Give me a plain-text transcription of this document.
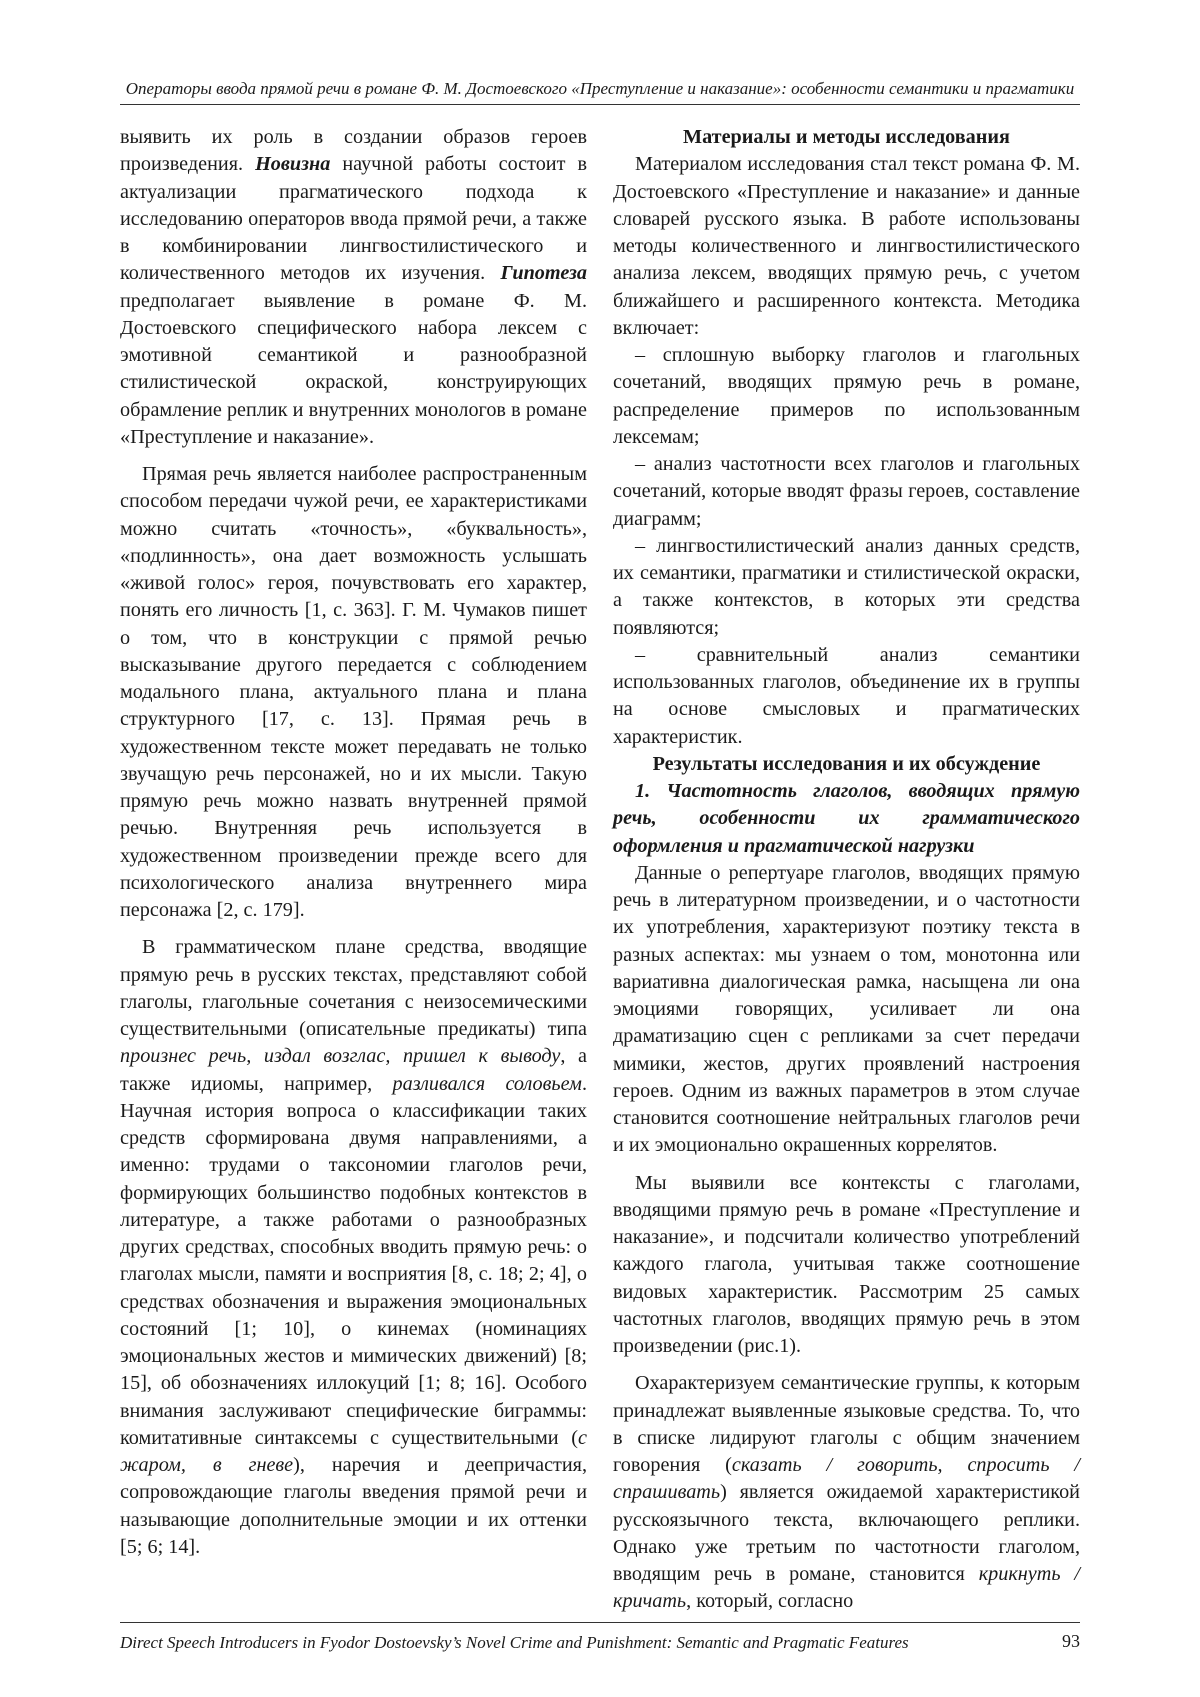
Операторы ввода прямой речи в романе Ф. М. Достоевского «Преступление и наказание»: особенности семантики и прагматики

выявить их роль в создании образов героев произведения. Новизна научной работы состоит в актуализации прагматического подхода к исследованию операторов ввода прямой речи, а также в комбинировании лингвостилистического и количественного методов их изучения. Гипотеза предполагает выявление в романе Ф. М. Достоевского специфического набора лексем с эмотивной семантикой и разнообразной стилистической окраской, конструирующих обрамление реплик и внутренних монологов в романе «Преступление и наказание».

Прямая речь является наиболее распространенным способом передачи чужой речи, ее характеристиками можно считать «точность», «буквальность», «подлинность», она дает возможность услышать «живой голос» героя, почувствовать его характер, понять его личность [1, с. 363]. Г. М. Чумаков пишет о том, что в конструкции с прямой речью высказывание другого передается с соблюдением модального плана, актуального плана и плана структурного [17, с. 13]. Прямая речь в художественном тексте может передавать не только звучащую речь персонажей, но и их мысли. Такую прямую речь можно назвать внутренней прямой речью. Внутренняя речь используется в художественном произведении прежде всего для психологического анализа внутреннего мира персонажа [2, с. 179].

В грамматическом плане средства, вводящие прямую речь в русских текстах, представляют собой глаголы, глагольные сочетания с неизосемическими существительными (описательные предикаты) типа произнес речь, издал возглас, пришел к выводу, а также идиомы, например, разливался соловьем. Научная история вопроса о классификации таких средств сформирована двумя направлениями, а именно: трудами о таксономии глаголов речи, формирующих большинство подобных контекстов в литературе, а также работами о разнообразных других средствах, способных вводить прямую речь: о глаголах мысли, памяти и восприятия [8, с. 18; 2; 4], о средствах обозначения и выражения эмоциональных состояний [1; 10], о кинемах (номинациях эмоциональных жестов и мимических движений) [8; 15], об обозначениях иллокуций [1; 8; 16]. Особого внимания заслуживают специфические биграммы: комитативные синтаксемы с существительными (с жаром, в гневе), наречия и деепричастия, сопровождающие глаголы введения прямой речи и называющие дополнительные эмоции и их оттенки [5; 6; 14].

Материалы и методы исследования

Материалом исследования стал текст романа Ф. М. Достоевского «Преступление и наказание» и данные словарей русского языка. В работе использованы методы количественного и лингвостилистического анализа лексем, вводящих прямую речь, с учетом ближайшего и расширенного контекста. Методика включает:

– сплошную выборку глаголов и глагольных сочетаний, вводящих прямую речь в романе, распределение примеров по использованным лексемам;

– анализ частотности всех глаголов и глагольных сочетаний, которые вводят фразы героев, составление диаграмм;

– лингвостилистический анализ данных средств, их семантики, прагматики и стилистической окраски, а также контекстов, в которых эти средства появляются;

– сравнительный анализ семантики использованных глаголов, объединение их в группы на основе смысловых и прагматических характеристик.

Результаты исследования и их обсуждение

1. Частотность глаголов, вводящих прямую речь, особенности их грамматического оформления и прагматической нагрузки

Данные о репертуаре глаголов, вводящих прямую речь в литературном произведении, и о частотности их употребления, характеризуют поэтику текста в разных аспектах: мы узнаем о том, монотонна или вариативна диалогическая рамка, насыщена ли она эмоциями говорящих, усиливает ли она драматизацию сцен с репликами за счет передачи мимики, жестов, других проявлений настроения героев. Одним из важных параметров в этом случае становится соотношение нейтральных глаголов речи и их эмоционально окрашенных коррелятов.

Мы выявили все контексты с глаголами, вводящими прямую речь в романе «Преступление и наказание», и подсчитали количество употреблений каждого глагола, учитывая также соотношение видовых характеристик. Рассмотрим 25 самых частотных глаголов, вводящих прямую речь в этом произведении (рис.1).

Охарактеризуем семантические группы, к которым принадлежат выявленные языковые средства. То, что в списке лидируют глаголы с общим значением говорения (сказать / говорить, спросить / спрашивать) является ожидаемой характеристикой русскоязычного текста, включающего реплики. Однако уже третьим по частотности глаголом, вводящим речь в романе, становится крикнуть / кричать, который, согласно

Direct Speech Introducers in Fyodor Dostoevsky’s Novel Crime and Punishment: Semantic and Pragmatic Features	93
